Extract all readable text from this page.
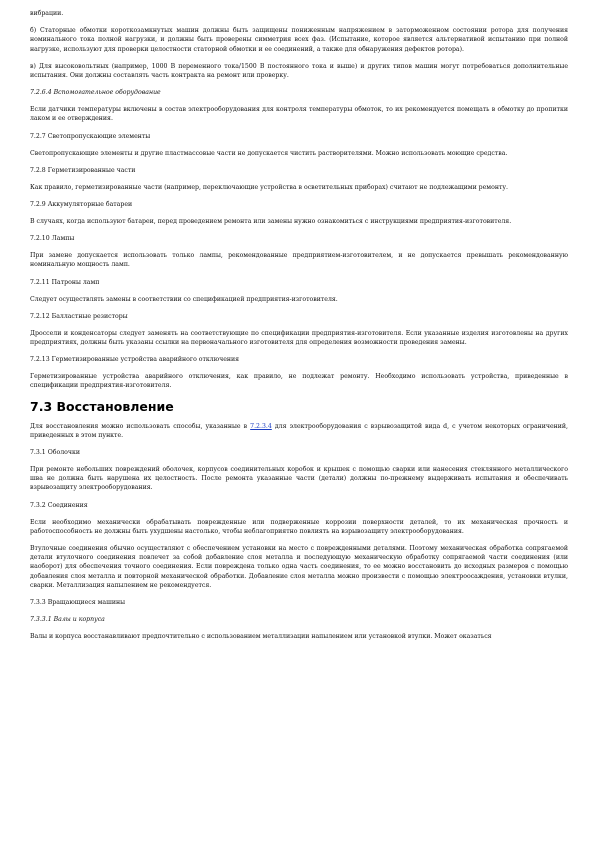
вибрации.

б) Статорные обмотки короткозамкнутых машин должны быть защищены пониженным напряжением в заторможенном состоянии ротора для получения номинального тока полной нагрузки, и должны быть проверены симметрия всех фаз. (Испытание, которое является альтернативой испытанию при полной нагрузке, используют для проверки целостности статорной обмотки и ее соединений, а также для обнаружения дефектов ротора).

в) Для высоковольтных (например, 1000 В переменного тока/1500 В постоянного тока и выше) и других типов машин могут потребоваться дополнительные испытания. Они должны составлять часть контракта на ремонт или проверку.

7.2.6.4 Вспомогательное оборудование

Если датчики температуры включены в состав электрооборудования для контроля температуры обмоток, то их рекомендуется помещать в обмотку до пропитки лаком и ее отверждения.

7.2.7 Светопропускающие элементы

Светопропускающие элементы и другие пластмассовые части не допускается чистить растворителями. Можно использовать моющие средства.

7.2.8 Герметизированные части

Как правило, герметизированные части (например, переключающие устройства в осветительных приборах) считают не подлежащими ремонту.

7.2.9 Аккумуляторные батареи

В случаях, когда используют батареи, перед проведением ремонта или замены нужно ознакомиться с инструкциями предприятия-изготовителя.

7.2.10 Лампы

При замене допускается использовать только лампы, рекомендованные предприятием-изготовителем, и не допускается превышать рекомендованную номинальную мощность ламп.

7.2.11 Патроны ламп

Следует осуществлять замены в соответствии со спецификацией предприятия-изготовителя.

7.2.12 Балластные резисторы

Дроссели и конденсаторы следует заменять на соответствующие по спецификации предприятия-изготовителя. Если указанные изделия изготовлены на других предприятиях, должны быть указаны ссылки на первоначального изготовителя для определения возможности проведения замены.

7.2.13 Герметизированные устройства аварийного отключения

Герметизированные устройства аварийного отключения, как правило, не подлежат ремонту. Необходимо использовать устройства, приведенные в спецификации предприятия-изготовителя.

7.3 Восстановление

Для восстановления можно использовать способы, указанные в 7.2.3.4 для электрооборудования с взрывозащитой вида d, с учетом некоторых ограничений, приведенных в этом пункте.

7.3.1 Оболочки

При ремонте небольших повреждений оболочек, корпусов соединительных коробок и крышек с помощью сварки или нанесения стеклянного металлического шва не должна быть нарушена их целостность. После ремонта указанные части (детали) должны по-прежнему выдерживать испытания и обеспечивать взрывозащиту электрооборудования.

7.3.2 Соединения

Если необходимо механически обрабатывать поврежденные или подверженные коррозии поверхности деталей, то их механическая прочность и работоспособность не должны быть ухудшены настолько, чтобы неблагоприятно повлиять на взрывозащиту электрооборудования.

Втулочные соединения обычно осуществляют с обеспечением установки на место с поврежденными деталями. Поэтому механическая обработка сопрягаемой детали втулочного соединения повлечет за собой добавление слоя металла и последующую механическую обработку сопрягаемой части соединения (или наоборот) для обеспечения точного соединения. Если повреждена только одна часть соединения, то ее можно восстановить до исходных размеров с помощью добавления слоя металла и повторной механической обработки. Добавление слоя металла можно произвести с помощью электроосаждения, установки втулки, сварки. Металлизация напылением не рекомендуется.

7.3.3 Вращающиеся машины
7.3.3.1 Валы и корпуса

Валы и корпуса восстанавливают предпочтительно с использованием металлизации напылением или установкой втулки. Может оказаться
